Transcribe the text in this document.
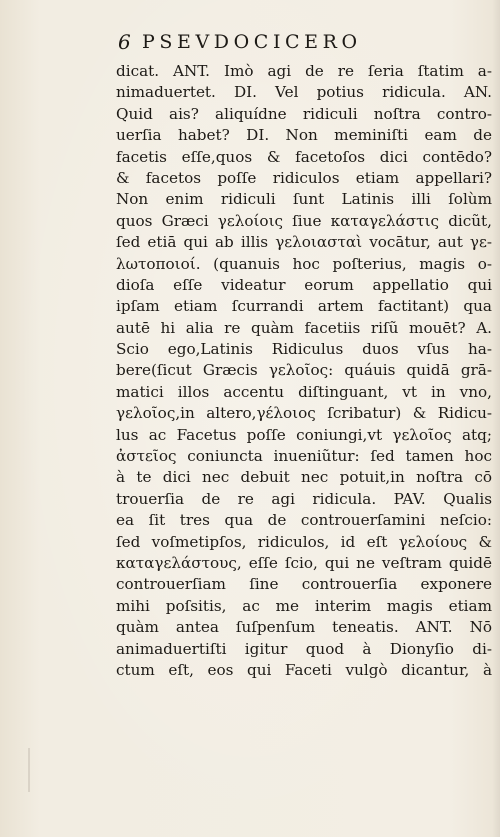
6 PSEVDOCICERO
dicat. ANT. Imò agi de re ſeria ſtatim a-
nimaduertet. DI. Vel potius ridicula. AN.
Quid ais? aliquídne ridiculi noſtra contro-
uerſia habet? DI. Non meminiſti eam de
facetis eſſe,quos & facetoſos dici contēdo?
& facetos poſſe ridiculos etiam appellari?
Non enim ridiculi ſunt Latinis illi ſolùm
quos Græci γελοίοις ſiue καταγελάστις dicũt,
ſed etiā qui ab illis γελοιασταὶ vocātur, aut γε-
λωτοποιοί. (quanuis hoc poſterius, magis o-
dioſa eſſe videatur eorum appellatio qui
ipſam etiam ſcurrandi artem factitant) qua
autē hi alia re quàm facetiis riſũ mouēt? A.
Scio ego,Latinis Ridiculus duos vſus ha-
bere(ſicut Græcis γελοῖος: quáuis quidā grā-
matici illos accentu diſtinguant, vt in vno,
γελοῖος,in altero,γέλοιος ſcribatur) & Ridicu-
lus ac Facetus poſſe coniungi,vt γελοῖος atq;
ἀστεῖος coniuncta inueniũtur: ſed tamen hoc
à te dici nec debuit nec potuit,in noſtra cō
trouerſia de re agi ridicula. PAV. Qualis
ea ſit tres qua de controuerſamini neſcio:
ſed voſmetipſos, ridiculos, id eſt γελοίους &
καταγελάστους, eſſe ſcio, qui ne veſtram quidē
controuerſiam ſine controuerſia exponere
mihi poſsitis, ac me interim magis etiam
quàm antea ſuſpenſum teneatis. ANT. Nō
animaduertiſti igitur quod à Dionyſio di-
ctum eſt, eos qui Faceti vulgò dicantur, à
